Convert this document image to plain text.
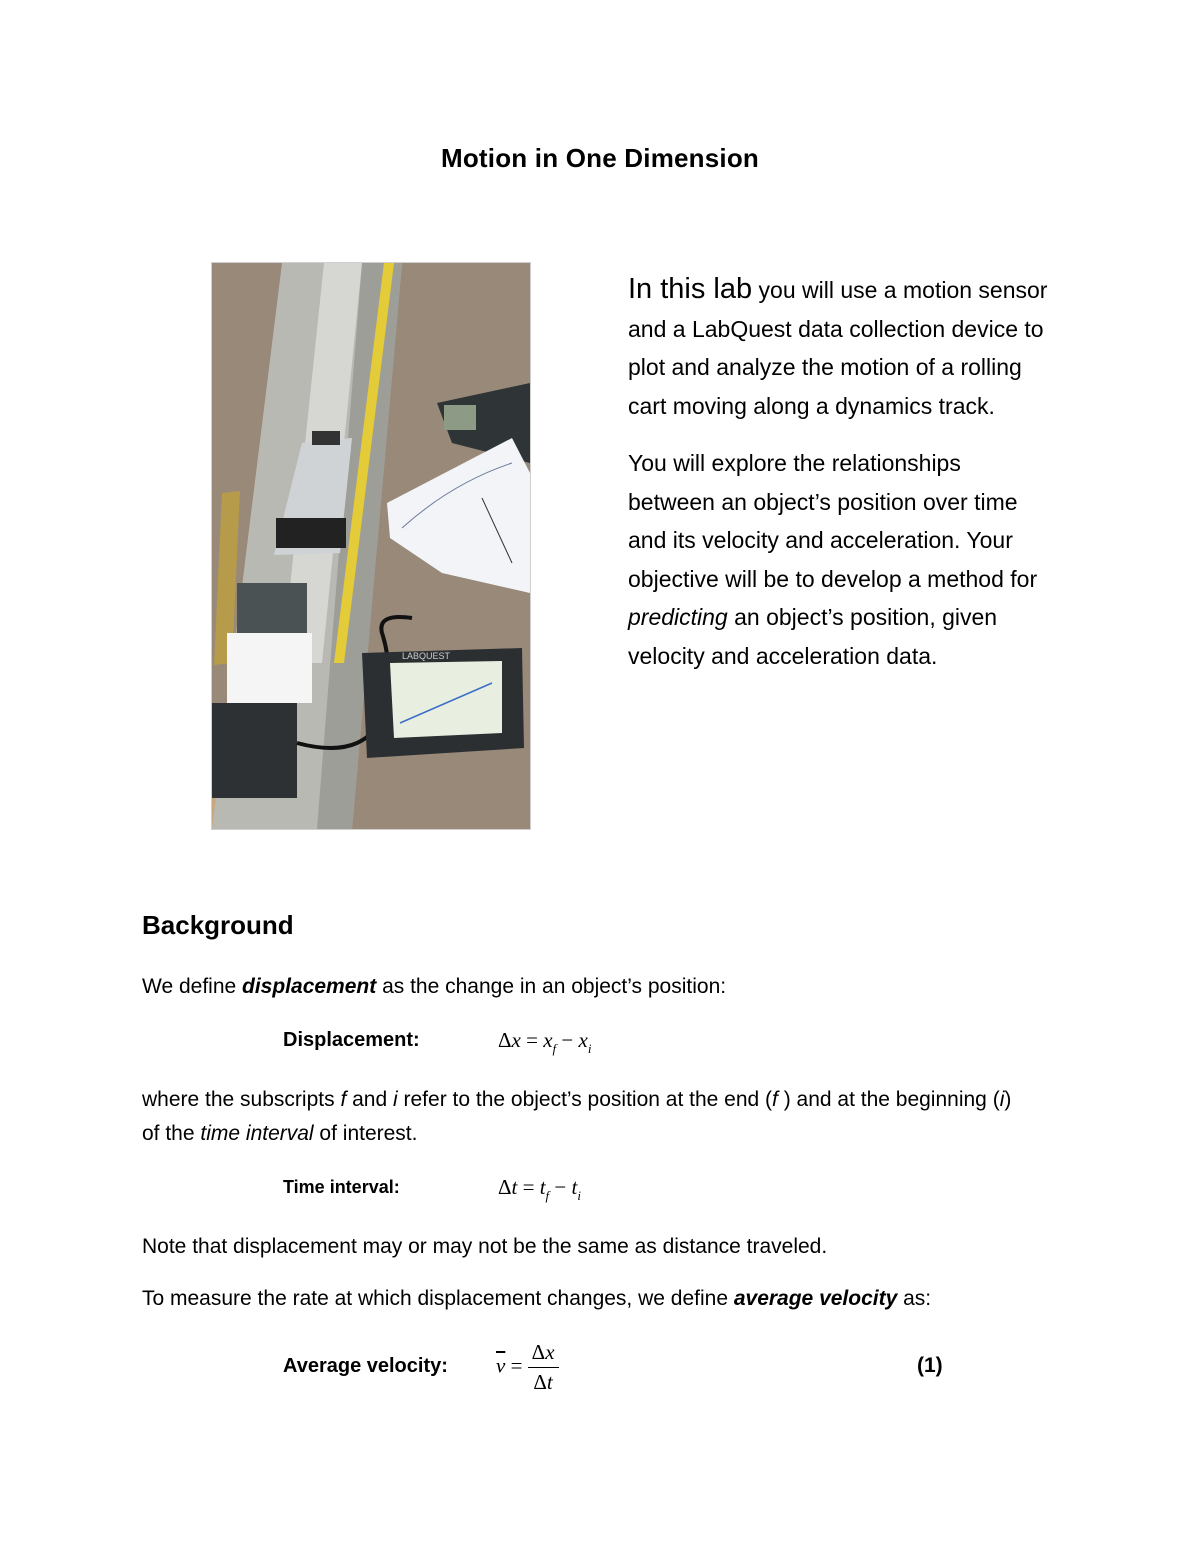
Motion in One Dimension
LABQUEST

In this lab you will use a motion sensor and a LabQuest data collection device to plot and analyze the motion of a rolling cart moving along a dynamics track.

You will explore the relationships between an object’s position over time and its velocity and acceleration. Your objective will be to develop a method for predicting an object’s position, given velocity and acceleration data.

Background
We define displacement as the change in an object’s position:
Displacement:	$\Delta x = x_f - x_i$
where the subscripts f and i refer to the object’s position at the end (f ) and at the beginning (i)
of the time interval of interest.
Time interval:	$\Delta t = t_f - t_i$
Note that displacement may or may not be the same as distance traveled.
To measure the rate at which displacement changes, we define average velocity as:
Average velocity: $\overline{v} = \frac{\Delta x}{\Delta t}$	(1)
